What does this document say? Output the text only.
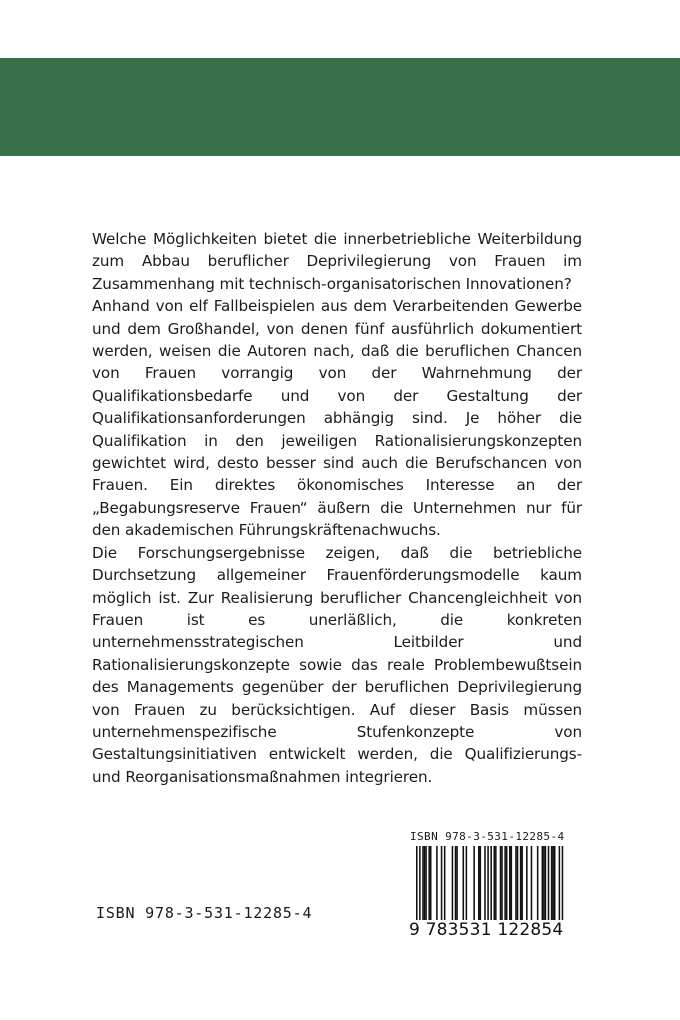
Welche Möglichkeiten bietet die innerbetriebliche Weiterbildung zum Abbau beruflicher Deprivilegierung von Frauen im Zusammenhang mit technisch-organisatorischen Innovationen?

Anhand von elf Fallbeispielen aus dem Verarbeitenden Gewerbe und dem Großhandel, von denen fünf ausführlich dokumentiert werden, weisen die Autoren nach, daß die beruflichen Chancen von Frauen vorrangig von der Wahrnehmung der Qualifikationsbedarfe und von der Gestaltung der Qualifikationsanforderungen abhängig sind. Je höher die Qualifikation in den jeweiligen Rationalisierungskonzepten gewichtet wird, desto besser sind auch die Berufschancen von Frauen. Ein direktes ökonomisches Interesse an der „Begabungsreserve Frauen“ äußern die Unternehmen nur für den akademischen Führungskräftenachwuchs.

Die Forschungsergebnisse zeigen, daß die betriebliche Durchsetzung allgemeiner Frauenförderungsmodelle kaum möglich ist. Zur Realisierung beruflicher Chancengleichheit von Frauen ist es unerläßlich, die konkreten unternehmensstrategischen Leitbilder und Rationalisierungskonzepte sowie das reale Problembewußtsein des Managements gegenüber der beruflichen Deprivilegierung von Frauen zu berücksichtigen. Auf dieser Basis müssen unternehmenspezifische Stufenkonzepte von Gestaltungsinitiativen entwickelt werden, die Qualifizierungs- und Reorganisationsmaßnahmen integrieren.

ISBN 978-3-531-12285-4
ISBN 978-3-531-12285-4
9 783531 122854
